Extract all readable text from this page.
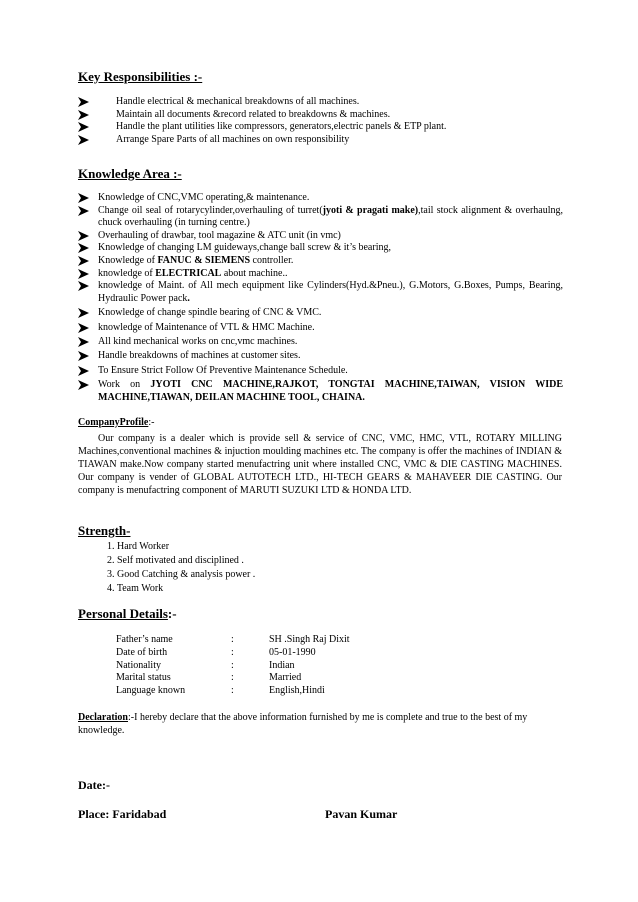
Key Responsibilities :-
Handle electrical & mechanical breakdowns of all machines.
Maintain all documents &record related to breakdowns & machines.
Handle the plant utilities like compressors, generators,electric panels & ETP plant.
Arrange Spare Parts of all machines on own responsibility
Knowledge Area :-
Knowledge of CNC,VMC operating,& maintenance.
Change oil seal of rotarycylinder,overhauling of turret(jyoti & pragati make),tail stock alignment & overhaulng, chuck overhauling (in turning centre.)
Overhauling of drawbar, tool magazine & ATC unit (in vmc)
Knowledge of changing LM guideways,change ball screw & it’s bearing,
Knowledge of FANUC & SIEMENS controller.
knowledge of ELECTRICAL about machine..
knowledge of Maint. of All mech equipment like Cylinders(Hyd.&Pneu.), G.Motors, G.Boxes, Pumps, Bearing, Hydraulic Power pack.
Knowledge of change spindle bearing of CNC & VMC.
knowledge of Maintenance of VTL & HMC Machine.
All kind mechanical works on cnc,vmc machines.
Handle breakdowns of machines at customer sites.
To Ensure Strict Follow Of Preventive Maintenance Schedule.
Work on JYOTI CNC MACHINE,RAJKOT, TONGTAI MACHINE,TAIWAN, VISION WIDE MACHINE,TIAWAN, DEILAN MACHINE TOOL, CHAINA.
CompanyProfile:-
Our company is a dealer which is provide sell & service of CNC, VMC, HMC, VTL, ROTARY MILLING Machines,conventional machines & injuction moulding machines etc. The company is offer the machines of INDIAN & TIAWAN make.Now company started menufactring unit where installed CNC, VMC & DIE CASTING MACHINES. Our company is vender of GLOBAL AUTOTECH LTD., HI-TECH GEARS & MAHAVEER DIE CASTING. Our company is menufactring component of MARUTI SUZUKI LTD & HONDA LTD.
Strength-
1. Hard Worker
2. Self motivated and disciplined .
3. Good Catching & analysis power .
4. Team Work
Personal Details:-
Father’s name	:	SH .Singh Raj Dixit
Date of birth	:	05-01-1990
Nationality	:	Indian
Marital status	:	Married
Language known	:	English,Hindi
Declaration:-I hereby declare that the above information furnished by me is complete and true to the best of my knowledge.
Date:-
Place: Faridabad	Pavan Kumar
